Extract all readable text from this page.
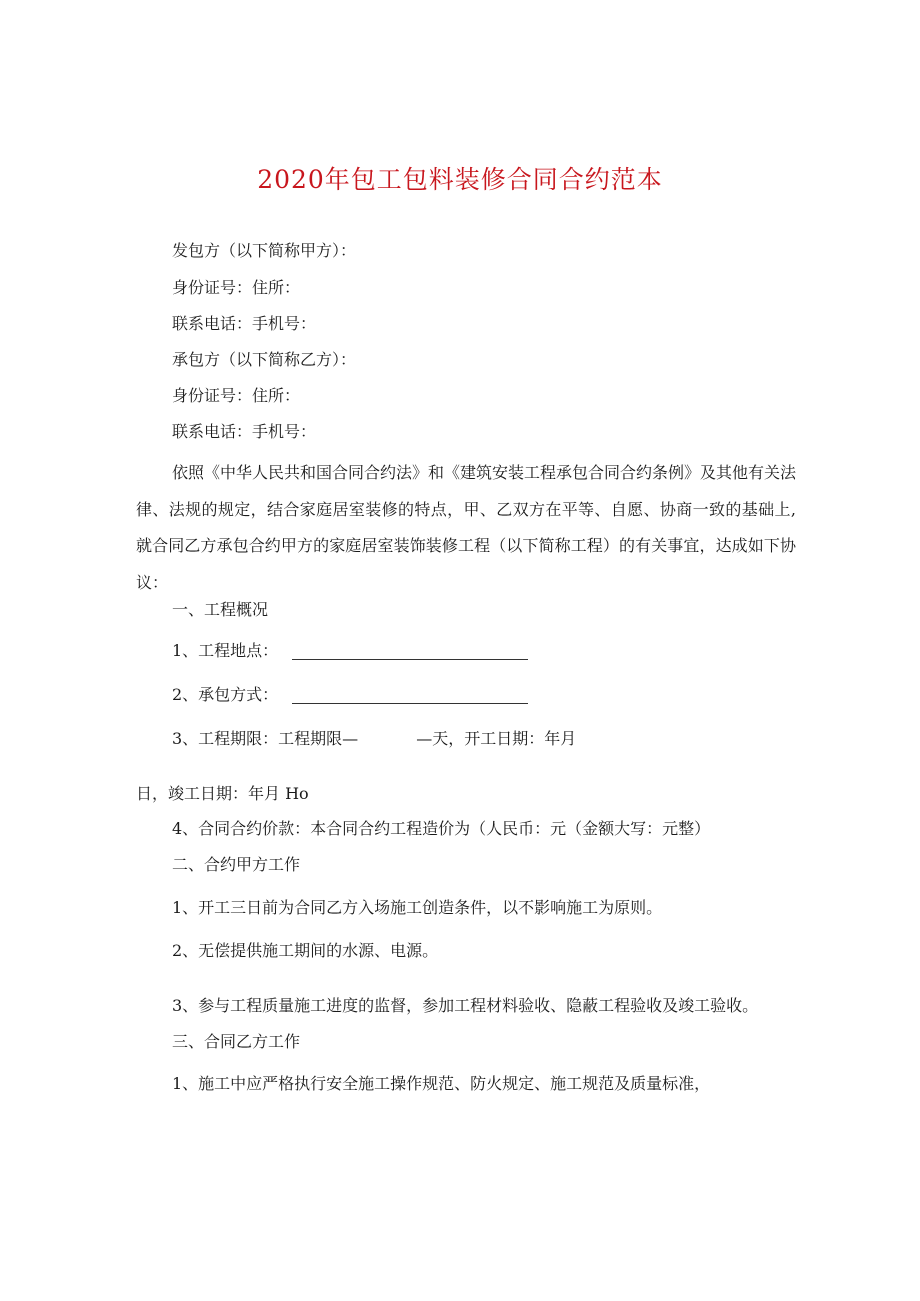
2020年包工包料装修合同合约范本
发包方（以下简称甲方）：
身份证号：住所：
联系电话：手机号：
承包方（以下简称乙方）：
身份证号：住所：
联系电话：手机号：
依照《中华人民共和国合同合约法》和《建筑安装工程承包合同合约条例》及其他有关法律、法规的规定，结合家庭居室装修的特点，甲、乙双方在平等、自愿、协商一致的基础上,就合同乙方承包合约甲方的家庭居室装饰装修工程（以下简称工程）的有关事宜，达成如下协议：
一、工程概况
1、工程地点：
2、承包方式：
3、工程期限：工程期限—	—天，开工日期：年月
日，竣工日期：年月 Ho
4、合同合约价款：本合同合约工程造价为（人民币：元（金额大写：元整）
二、合约甲方工作
1、开工三日前为合同乙方入场施工创造条件，以不影响施工为原则。
2、无偿提供施工期间的水源、电源。
3、参与工程质量施工进度的监督，参加工程材料验收、隐蔽工程验收及竣工验收。
三、合同乙方工作
1、施工中应严格执行安全施工操作规范、防火规定、施工规范及质量标准，
